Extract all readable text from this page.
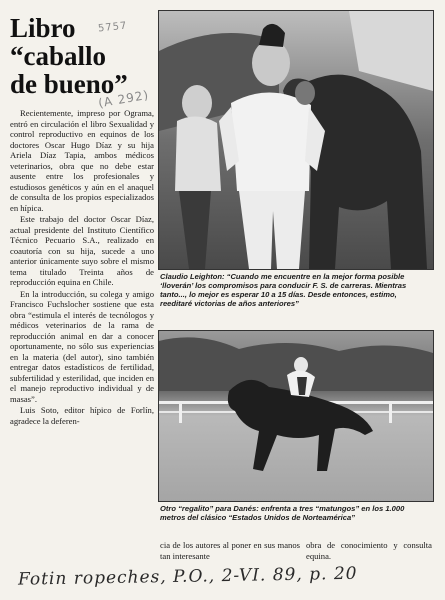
Libro
“caballo
de bueno”
5757
(A 292)

Recientemente, impreso por Ograma, entró en circulación el libro Sexualidad y control reproductivo en equinos de los doctores Oscar Hugo Díaz y su hija Ariela Díaz Tapia, ambos médicos veterinarios, obra que no debe estar ausente entre los profesionales y estudiosos genéticos y aún en el anaquel de consulta de los propios especializados en hípica.

Este trabajo del doctor Oscar Díaz, actual presidente del Instituto Científico Técnico Pecuario S.A., realizado en coautoría con su hija, sucede a uno anterior únicamente suyo sobre el mismo tema titulado Treinta años de reproducción equina en Chile.

En la introducción, su colega y amigo Francisco Fuchslocher sostiene que esta obra “estimula el interés de tecnólogos y médicos veterinarios de la rama de reproducción animal en dar a conocer oportunamente, no sólo sus experiencias en la materia (del autor), sino también entregar datos estadísticos de fertilidad, subfertilidad y esterilidad, que inciden en el manejo reproductivo individual y de masas”.

Luis Soto, editor hípico de Forlín, agradece la deferen-

Claudio Leighton: “Cuando me encuentre en la mejor forma posible ‘lloverán’ los compromisos para conducir F. S. de carreras. Mientras tanto..., lo mejor es esperar 10 a 15 días. Desde entonces, estimo, reeditaré victorias de años anteriores”

Otro “regalito” para Danés: enfrenta a tres “matungos” en los 1.000 metros del clásico “Estados Unidos de Norteamérica”

cia de los autores al poner en sus manos tan interesante

obra de conocimiento y consulta equina.

Fotin ropeches, P.O., 2-VI. 89, p. 20
